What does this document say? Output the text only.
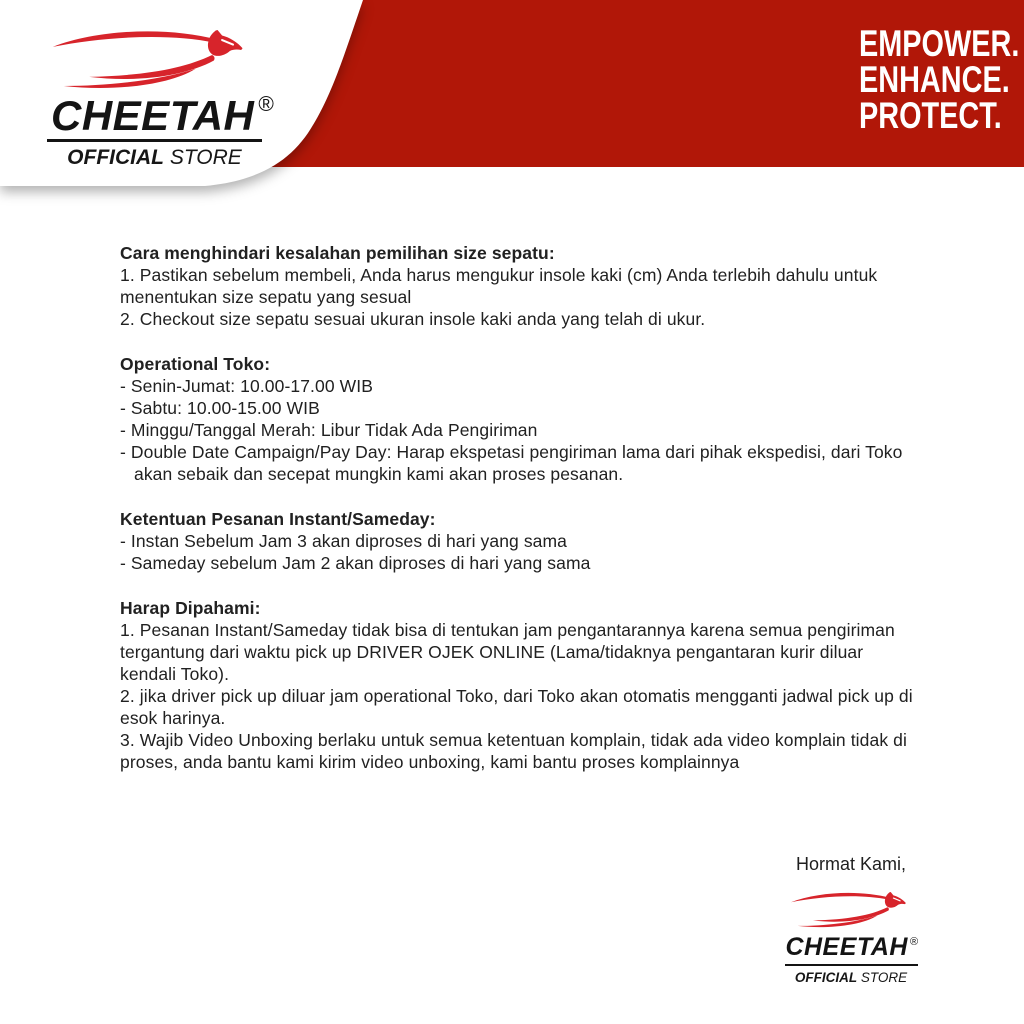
EMPOWER.
ENHANCE.
PROTECT.
CHEETAH ®
OFFICIAL STORE
Cara menghindari kesalahan pemilihan size sepatu:
1. Pastikan sebelum membeli, Anda harus mengukur insole kaki (cm) Anda terlebih dahulu untuk menentukan size sepatu yang sesual
2. Checkout size sepatu sesuai ukuran insole kaki anda yang telah di ukur.
Operational Toko:
- Senin-Jumat: 10.00-17.00 WIB
- Sabtu: 10.00-15.00 WIB
- Minggu/Tanggal Merah: Libur Tidak Ada Pengiriman
- Double Date Campaign/Pay Day: Harap ekspetasi pengiriman lama dari pihak ekspedisi, dari Toko akan sebaik dan secepat mungkin kami akan proses pesanan.
Ketentuan Pesanan Instant/Sameday:
- Instan Sebelum Jam 3 akan diproses di hari yang sama
- Sameday sebelum Jam 2 akan diproses di hari yang sama
Harap Dipahami:
1. Pesanan Instant/Sameday tidak bisa di tentukan jam pengantarannya karena semua pengiriman tergantung dari waktu pick up DRIVER OJEK ONLINE (Lama/tidaknya pengantaran kurir diluar kendali Toko).
2. jika driver pick up diluar jam operational Toko, dari Toko akan otomatis mengganti jadwal pick up di esok harinya.
3. Wajib Video Unboxing berlaku untuk semua ketentuan komplain, tidak ada video komplain tidak di proses, anda bantu kami kirim video unboxing, kami bantu proses komplainnya
Hormat Kami,
CHEETAH ®
OFFICIAL STORE
